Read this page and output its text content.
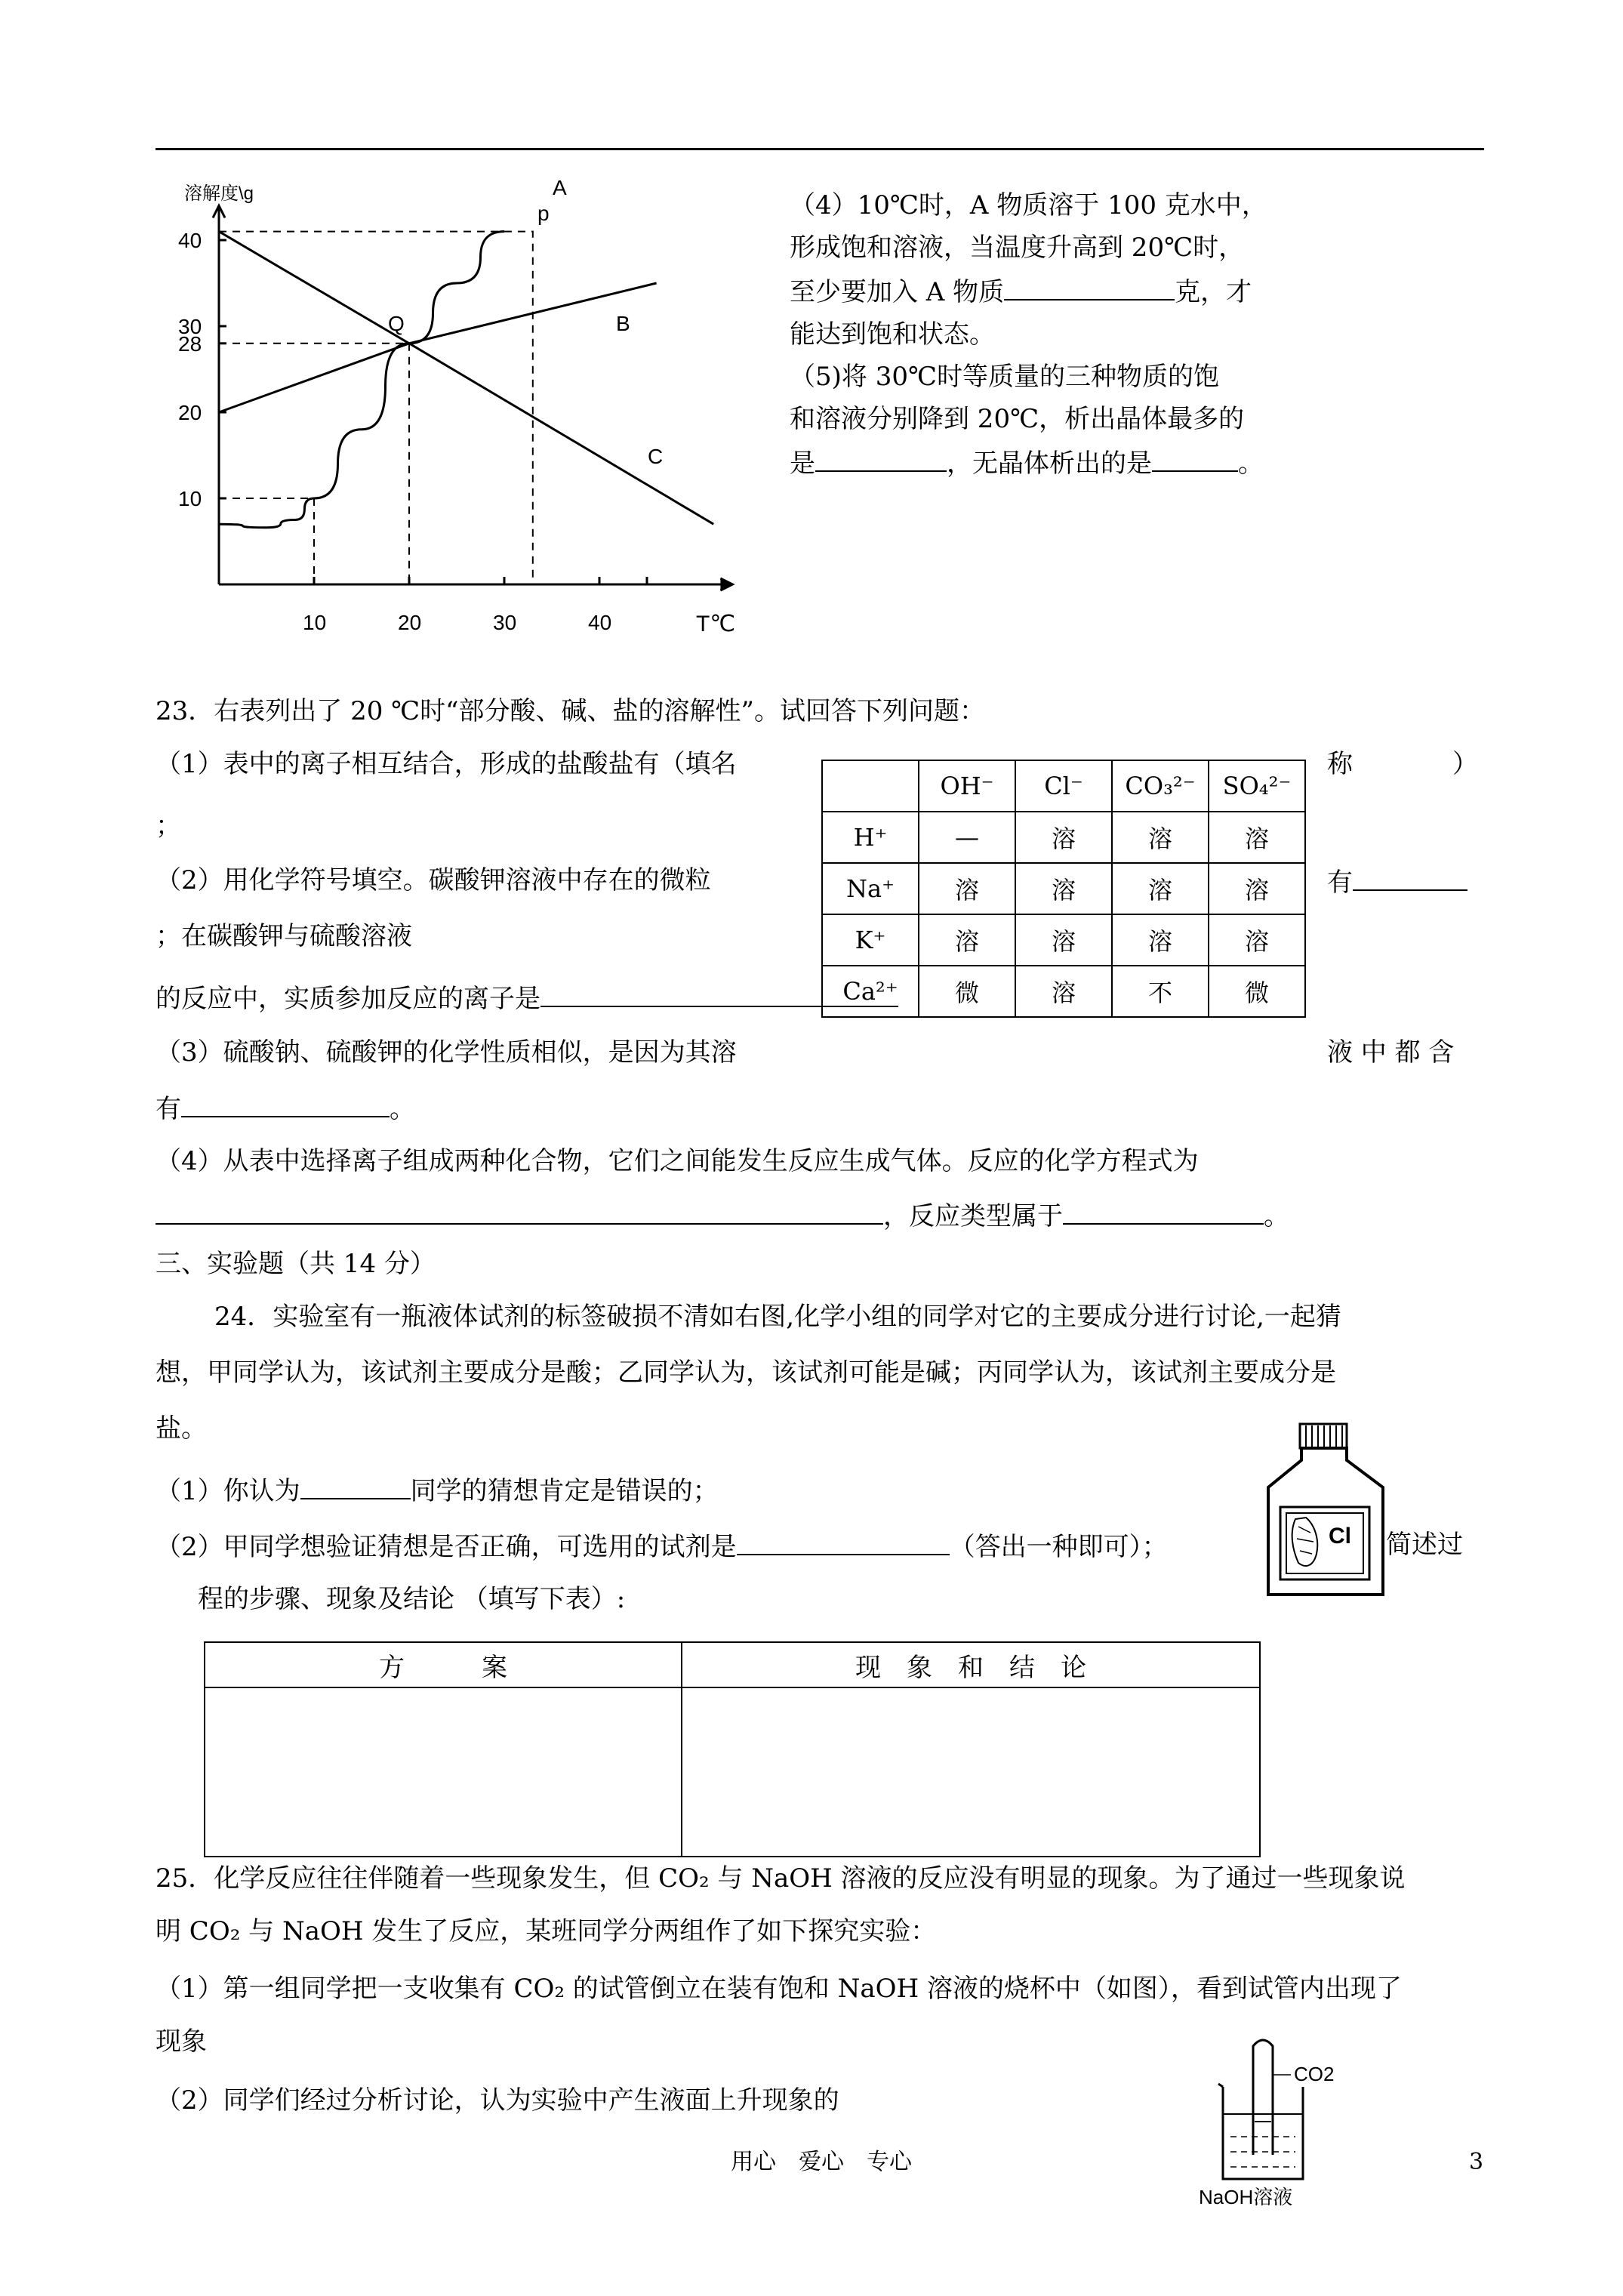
溶解度\g
40
30
28
20
10
10	20	30	40	T℃
A
p
Q	B
C
（4）10℃时，A 物质溶于 100 克水中，
形成饱和溶液，当温度升高到 20℃时，
至少要加入 A 物质	克，才
能达到饱和状态。
（5)将 30℃时等质量的三种物质的饱
和溶液分别降到 20℃，析出晶体最多的
是	，无晶体析出的是	。
23．右表列出了 20 ℃时“部分酸、碱、盐的溶解性”。试回答下列问题：
（1）表中的离子相互结合，形成的盐酸盐有（填名	称	）
；
（2）用化学符号填空。碳酸钾溶液中存在的微粒	有
；在碳酸钾与硫酸溶液
的反应中，实质参加反应的离子是
	OH⁻	Cl⁻	CO₃²⁻	SO₄²⁻
H⁺	—	溶	溶	溶
Na⁺	溶	溶	溶	溶
K⁺	溶	溶	溶	溶
Ca²⁺	微	溶	不	微
（3）硫酸钠、硫酸钾的化学性质相似，是因为其溶	液 中 都 含
有	。
（4）从表中选择离子组成两种化合物，它们之间能发生反应生成气体。反应的化学方程式为
，反应类型属于	。
三、实验题（共 14 分）
24．实验室有一瓶液体试剂的标签破损不清如右图,化学小组的同学对它的主要成分进行讨论,一起猜
想，甲同学认为，该试剂主要成分是酸；乙同学认为，该试剂可能是碱；丙同学认为，该试剂主要成分是
盐。
（1）你认为	同学的猜想肯定是错误的；
（2）甲同学想验证猜想是否正确，可选用的试剂是	（答出一种即可）；	简述过
程的步骤、现象及结论 （填写下表）:
Cl
方　　　案	现　象　和　结　论

25．化学反应往往伴随着一些现象发生，但 CO₂ 与 NaOH 溶液的反应没有明显的现象。为了通过一些现象说
明 CO₂ 与 NaOH 发生了反应，某班同学分两组作了如下探究实验：
（1）第一组同学把一支收集有 CO₂ 的试管倒立在装有饱和 NaOH 溶液的烧杯中（如图），看到试管内出现了
现象
（2）同学们经过分析讨论，认为实验中产生液面上升现象的
CO2
NaOH溶液
用心　爱心　专心	3
